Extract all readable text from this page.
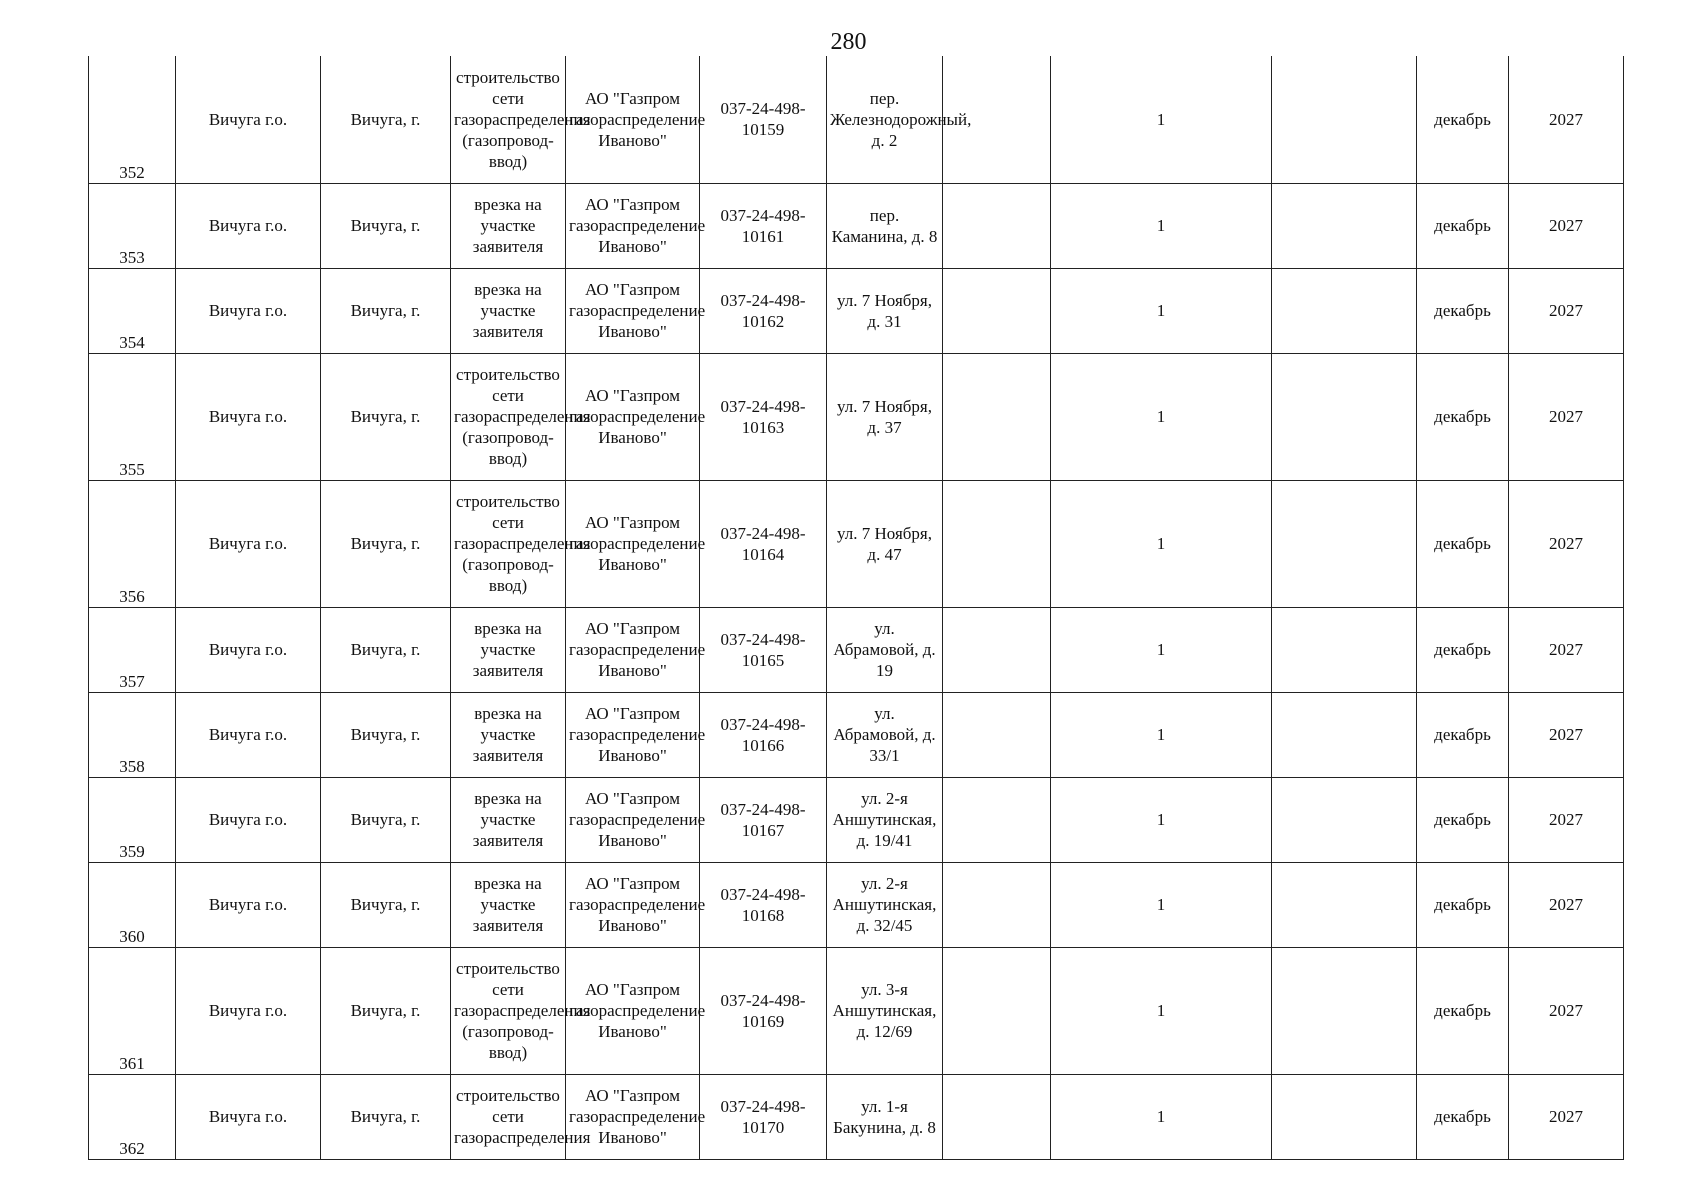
280
352	Вичуга г.о.	Вичуга, г.	строительство сети газораспределения (газопровод-ввод)	АО "Газпром газораспределение Иваново"	037-24-498-10159	пер. Железнодорожный, д. 2		1		декабрь	2027

353	Вичуга г.о.	Вичуга, г.	врезка на участке заявителя	АО "Газпром газораспределение Иваново"	037-24-498-10161	пер. Каманина, д. 8		1		декабрь	2027

354	Вичуга г.о.	Вичуга, г.	врезка на участке заявителя	АО "Газпром газораспределение Иваново"	037-24-498-10162	ул. 7 Ноября, д. 31		1		декабрь	2027

355	Вичуга г.о.	Вичуга, г.	строительство сети газораспределения (газопровод-ввод)	АО "Газпром газораспределение Иваново"	037-24-498-10163	ул. 7 Ноября, д. 37		1		декабрь	2027

356	Вичуга г.о.	Вичуга, г.	строительство сети газораспределения (газопровод-ввод)	АО "Газпром газораспределение Иваново"	037-24-498-10164	ул. 7 Ноября, д. 47		1		декабрь	2027

357	Вичуга г.о.	Вичуга, г.	врезка на участке заявителя	АО "Газпром газораспределение Иваново"	037-24-498-10165	ул. Абрамовой, д. 19		1		декабрь	2027

358	Вичуга г.о.	Вичуга, г.	врезка на участке заявителя	АО "Газпром газораспределение Иваново"	037-24-498-10166	ул. Абрамовой, д. 33/1		1		декабрь	2027

359	Вичуга г.о.	Вичуга, г.	врезка на участке заявителя	АО "Газпром газораспределение Иваново"	037-24-498-10167	ул. 2-я Аншутинская, д. 19/41		1		декабрь	2027

360	Вичуга г.о.	Вичуга, г.	врезка на участке заявителя	АО "Газпром газораспределение Иваново"	037-24-498-10168	ул. 2-я Аншутинская, д. 32/45		1		декабрь	2027

361	Вичуга г.о.	Вичуга, г.	строительство сети газораспределения (газопровод-ввод)	АО "Газпром газораспределение Иваново"	037-24-498-10169	ул. 3-я Аншутинская, д. 12/69		1		декабрь	2027

362	Вичуга г.о.	Вичуга, г.	строительство сети газораспределения	АО "Газпром газораспределение Иваново"	037-24-498-10170	ул. 1-я Бакунина, д. 8		1		декабрь	2027
